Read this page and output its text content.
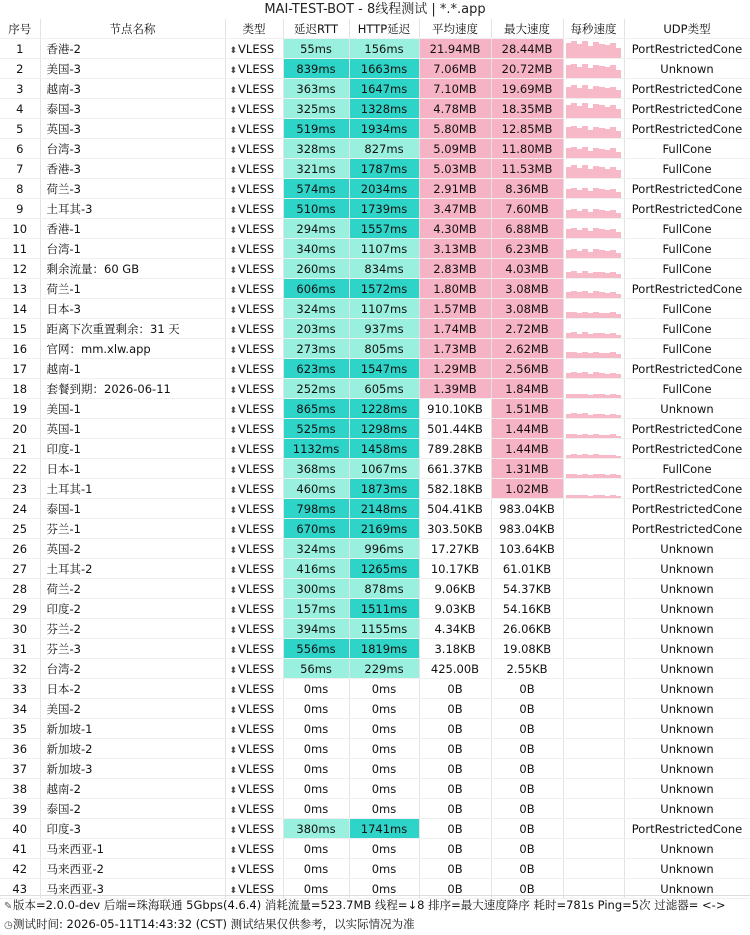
MAI-TEST-BOT - 8线程测试 | *.*.app
序号	节点名称	类型	延迟RTT	HTTP延迟	平均速度	最大速度	每秒速度	UDP类型
1	香港-2	⬍VLESS	55ms	156ms	21.94MB	28.44MB		PortRestrictedCone
2	美国-3	⬍VLESS	839ms	1663ms	7.06MB	20.72MB		Unknown
3	越南-3	⬍VLESS	363ms	1647ms	7.10MB	19.69MB		PortRestrictedCone
4	泰国-3	⬍VLESS	325ms	1328ms	4.78MB	18.35MB		PortRestrictedCone
5	英国-3	⬍VLESS	519ms	1934ms	5.80MB	12.85MB		PortRestrictedCone
6	台湾-3	⬍VLESS	328ms	827ms	5.09MB	11.80MB		FullCone
7	香港-3	⬍VLESS	321ms	1787ms	5.03MB	11.53MB		FullCone
8	荷兰-3	⬍VLESS	574ms	2034ms	2.91MB	8.36MB		PortRestrictedCone
9	土耳其-3	⬍VLESS	510ms	1739ms	3.47MB	7.60MB		PortRestrictedCone
10	香港-1	⬍VLESS	294ms	1557ms	4.30MB	6.88MB		FullCone
11	台湾-1	⬍VLESS	340ms	1107ms	3.13MB	6.23MB		FullCone
12	剩余流量：60 GB	⬍VLESS	260ms	834ms	2.83MB	4.03MB		FullCone
13	荷兰-1	⬍VLESS	606ms	1572ms	1.80MB	3.08MB		PortRestrictedCone
14	日本-3	⬍VLESS	324ms	1107ms	1.57MB	3.08MB		FullCone
15	距离下次重置剩余：31 天	⬍VLESS	203ms	937ms	1.74MB	2.72MB		FullCone
16	官网：mm.xlw.app	⬍VLESS	273ms	805ms	1.73MB	2.62MB		FullCone
17	越南-1	⬍VLESS	623ms	1547ms	1.29MB	2.56MB		PortRestrictedCone
18	套餐到期：2026-06-11	⬍VLESS	252ms	605ms	1.39MB	1.84MB		FullCone
19	美国-1	⬍VLESS	865ms	1228ms	910.10KB	1.51MB		Unknown
20	英国-1	⬍VLESS	525ms	1298ms	501.44KB	1.44MB		PortRestrictedCone
21	印度-1	⬍VLESS	1132ms	1458ms	789.28KB	1.44MB		PortRestrictedCone
22	日本-1	⬍VLESS	368ms	1067ms	661.37KB	1.31MB		FullCone
23	土耳其-1	⬍VLESS	460ms	1873ms	582.18KB	1.02MB		PortRestrictedCone
24	泰国-1	⬍VLESS	798ms	2148ms	504.41KB	983.04KB		PortRestrictedCone
25	芬兰-1	⬍VLESS	670ms	2169ms	303.50KB	983.04KB		PortRestrictedCone
26	英国-2	⬍VLESS	324ms	996ms	17.27KB	103.64KB		Unknown
27	土耳其-2	⬍VLESS	416ms	1265ms	10.17KB	61.01KB		Unknown
28	荷兰-2	⬍VLESS	300ms	878ms	9.06KB	54.37KB		Unknown
29	印度-2	⬍VLESS	157ms	1511ms	9.03KB	54.16KB		Unknown
30	芬兰-2	⬍VLESS	394ms	1155ms	4.34KB	26.06KB		Unknown
31	芬兰-3	⬍VLESS	556ms	1819ms	3.18KB	19.08KB		Unknown
32	台湾-2	⬍VLESS	56ms	229ms	425.00B	2.55KB		Unknown
33	日本-2	⬍VLESS	0ms	0ms	0B	0B		Unknown
34	美国-2	⬍VLESS	0ms	0ms	0B	0B		Unknown
35	新加坡-1	⬍VLESS	0ms	0ms	0B	0B		Unknown
36	新加坡-2	⬍VLESS	0ms	0ms	0B	0B		Unknown
37	新加坡-3	⬍VLESS	0ms	0ms	0B	0B		Unknown
38	越南-2	⬍VLESS	0ms	0ms	0B	0B		Unknown
39	泰国-2	⬍VLESS	0ms	0ms	0B	0B		Unknown
40	印度-3	⬍VLESS	380ms	1741ms	0B	0B		PortRestrictedCone
41	马来西亚-1	⬍VLESS	0ms	0ms	0B	0B		Unknown
42	马来西亚-2	⬍VLESS	0ms	0ms	0B	0B		Unknown
43	马来西亚-3	⬍VLESS	0ms	0ms	0B	0B		Unknown
✎版本=2.0.0-dev 后端=珠海联通 5Gbps(4.6.4) 消耗流量=523.7MB 线程=↓8 排序=最大速度降序 耗时=781s Ping=5次 过滤器= <->
◷测试时间: 2026-05-11T14:43:32 (CST) 测试结果仅供参考，以实际情况为准
